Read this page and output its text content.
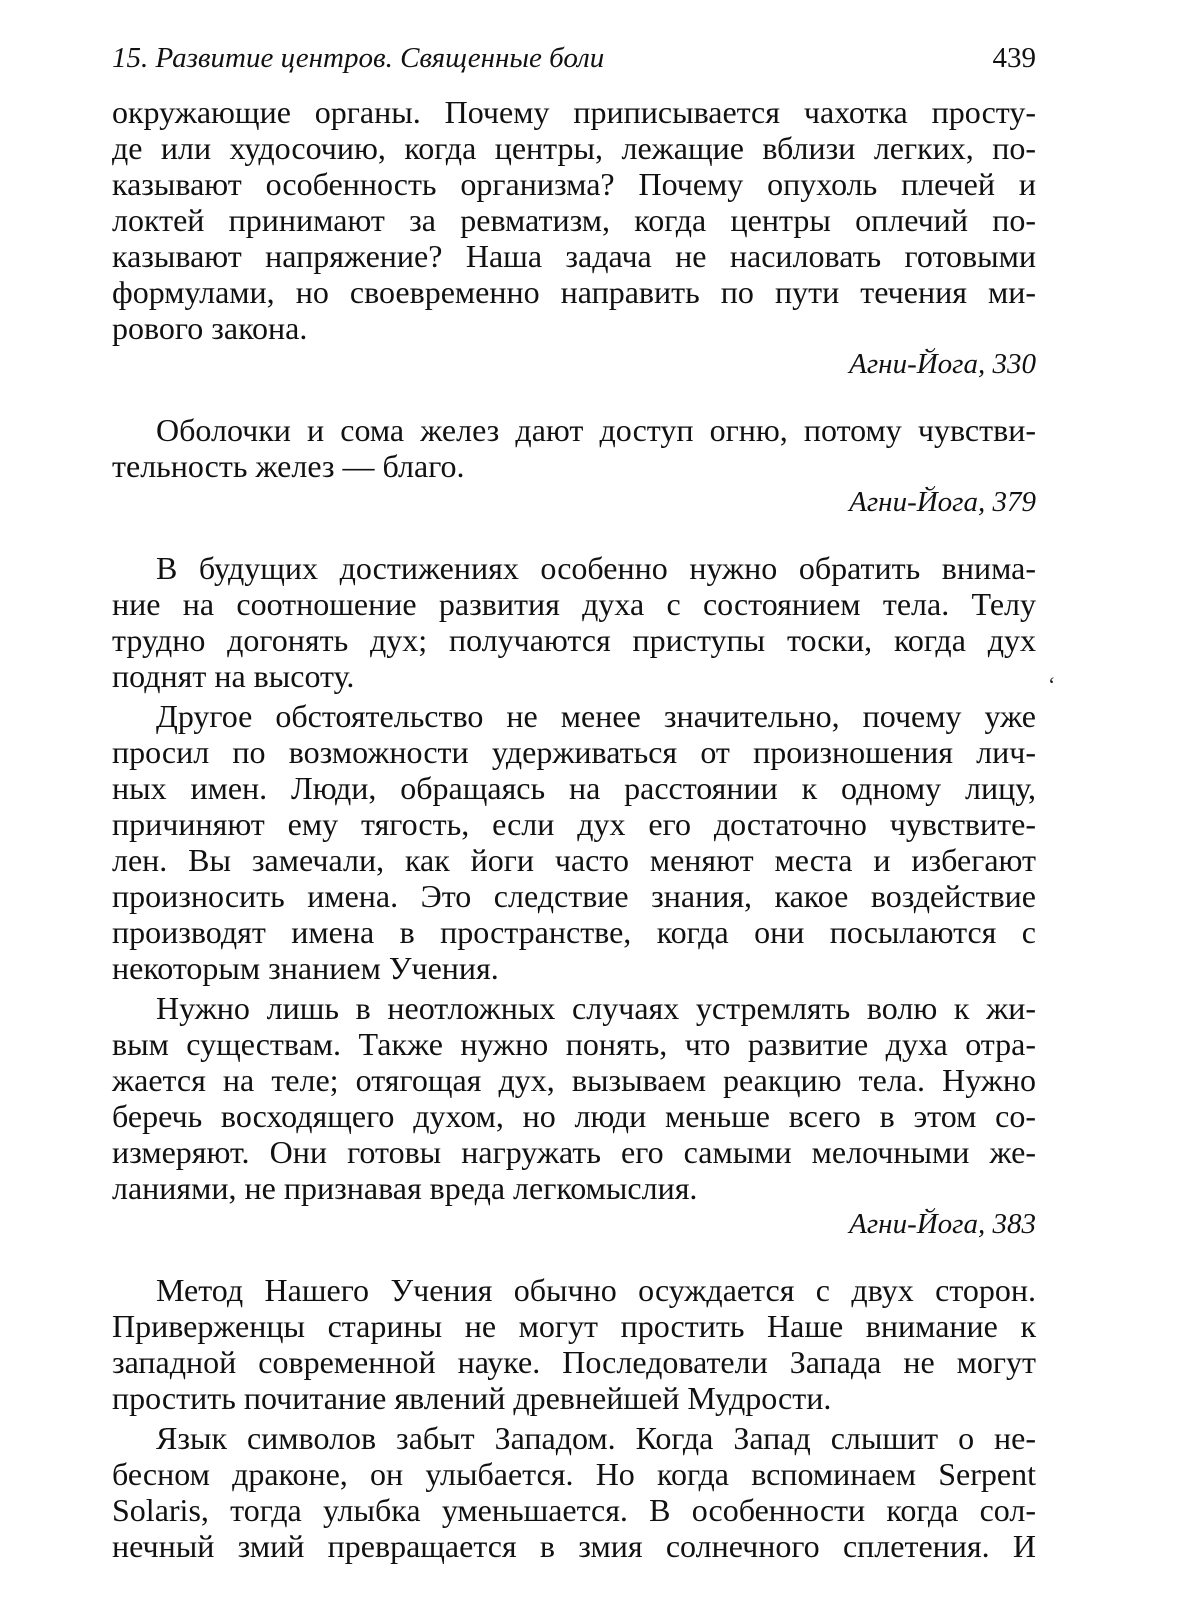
15. Развитие центров. Священные боли	439

окружающие органы. Почему приписывается чахотка просту-
де или худосочию, когда центры, лежащие вблизи легких, по-
казывают особенность организма? Почему опухоль плечей и
локтей принимают за ревматизм, когда центры оплечий по-
казывают напряжение? Наша задача не насиловать готовыми
формулами, но своевременно направить по пути течения ми-
рового закона.

Агни-Йога, 330

Оболочки и сома желез дают доступ огню, потому чувстви-
тельность желез — благо.

Агни-Йога, 379

В будущих достижениях особенно нужно обратить внима-
ние на соотношение развития духа с состоянием тела. Телу
трудно догонять дух; получаются приступы тоски, когда дух
поднят на высоту.

Другое обстоятельство не менее значительно, почему уже
просил по возможности удерживаться от произношения лич-
ных имен. Люди, обращаясь на расстоянии к одному лицу,
причиняют ему тягость, если дух его достаточно чувствите-
лен. Вы замечали, как йоги часто меняют места и избегают
произносить имена. Это следствие знания, какое воздействие
производят имена в пространстве, когда они посылаются с
некоторым знанием Учения.

Нужно лишь в неотложных случаях устремлять волю к жи-
вым существам. Также нужно понять, что развитие духа отра-
жается на теле; отягощая дух, вызываем реакцию тела. Нужно
беречь восходящего духом, но люди меньше всего в этом со-
измеряют. Они готовы нагружать его самыми мелочными же-
ланиями, не признавая вреда легкомыслия.

Агни-Йога, 383

Метод Нашего Учения обычно осуждается с двух сторон.
Приверженцы старины не могут простить Наше внимание к
западной современной науке. Последователи Запада не могут
простить почитание явлений древнейшей Мудрости.

Язык символов забыт Западом. Когда Запад слышит о не-
бесном драконе, он улыбается. Но когда вспоминаем Serpent
Solaris, тогда улыбка уменьшается. В особенности когда сол-
нечный змий превращается в змия солнечного сплетения. И

ʻ
